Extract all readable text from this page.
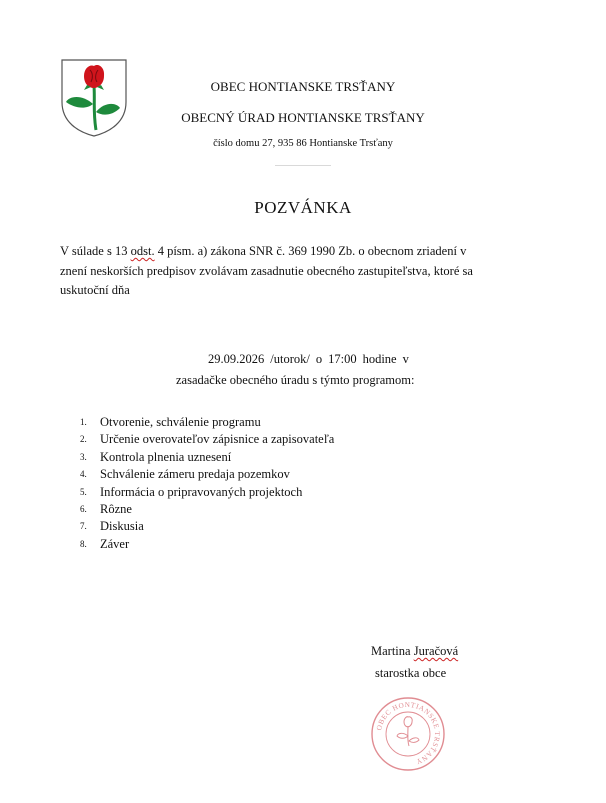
OBEC HONTIANSKE TRSŤANY
OBECNÝ ÚRAD HONTIANSKE TRSŤANY
číslo domu 27, 935 86 Hontianske Trsťany
POZVÁNKA
V súlade s 13 odst. 4 písm. a) zákona SNR č. 369 1990 Zb. o obecnom zriadení v znení neskorších predpisov zvolávam zasadnutie obecného zastupiteľstva, ktoré sa uskutoční dňa
29.09.2026 /utorok/ o 17:00 hodine v
zasadačke obecného úradu s týmto programom:
1.	Otvorenie, schválenie programu
2.	Určenie overovateľov zápisnice a zapisovateľa
3.	Kontrola plnenia uznesení
4.	Schválenie zámeru predaja pozemkov
5.	Informácia o pripravovaných projektoch
6.	Rôzne
7.	Diskusia
8.	Záver
Martina Juračová
starostka obce
OBEC HONTIANSKE TRSŤANY
